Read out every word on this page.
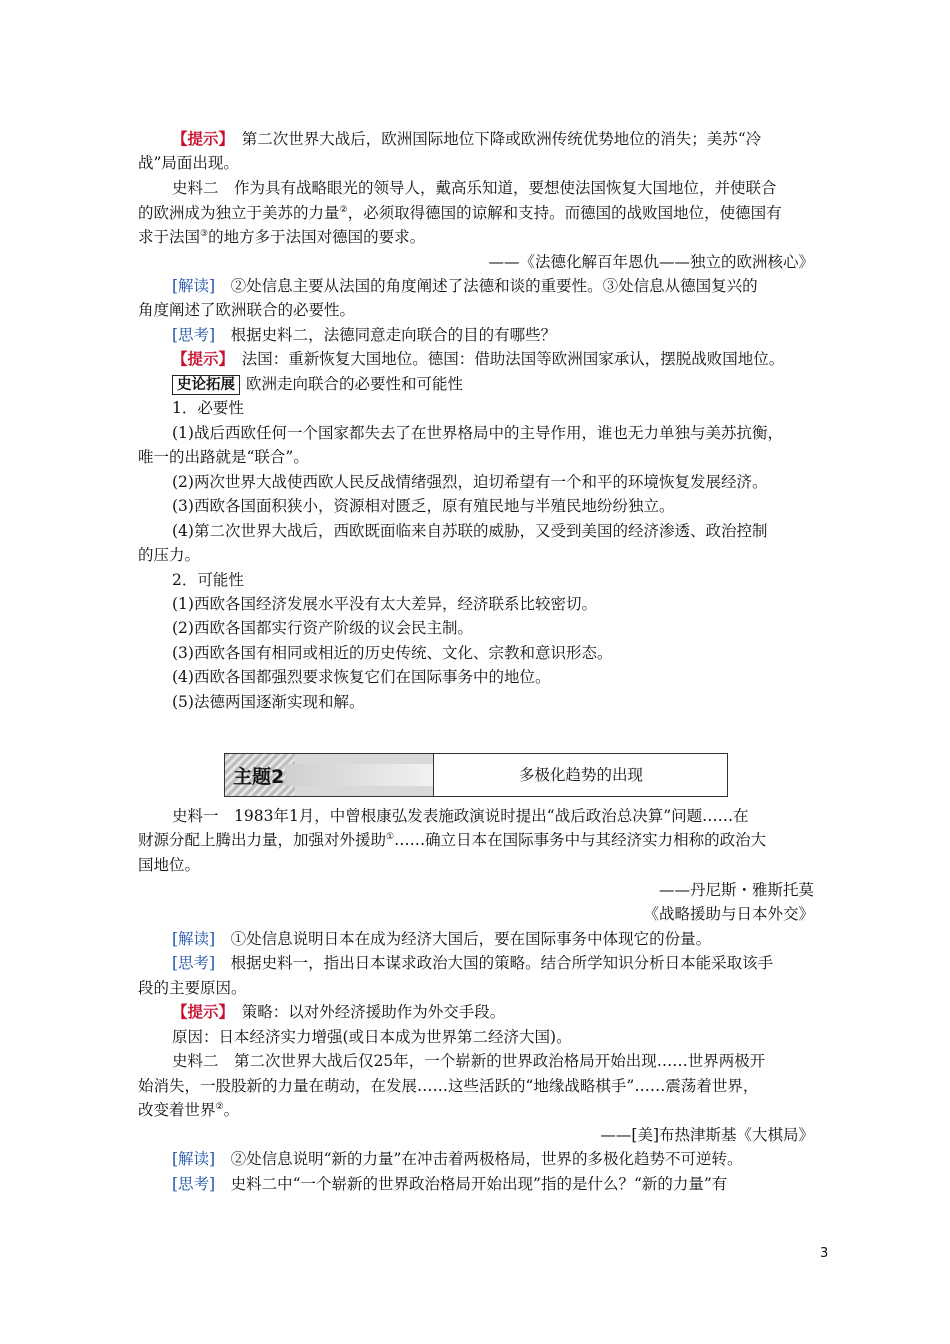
【提示】　第二次世界大战后，欧洲国际地位下降或欧洲传统优势地位的消失；美苏“冷
战”局面出现。
史料二　作为具有战略眼光的领导人，戴高乐知道，要想使法国恢复大国地位，并使联合
的欧洲成为独立于美苏的力量②，必须取得德国的谅解和支持。而德国的战败国地位，使德国有
求于法国③的地方多于法国对德国的要求。
——《法德化解百年恩仇——独立的欧洲核心》
[解读]　②处信息主要从法国的角度阐述了法德和谈的重要性。③处信息从德国复兴的
角度阐述了欧洲联合的必要性。
[思考]　根据史料二，法德同意走向联合的目的有哪些？
【提示】　法国：重新恢复大国地位。德国：借助法国等欧洲国家承认，摆脱战败国地位。
史论拓展 欧洲走向联合的必要性和可能性
1．必要性
(1)战后西欧任何一个国家都失去了在世界格局中的主导作用，谁也无力单独与美苏抗衡，
唯一的出路就是“联合”。
(2)两次世界大战使西欧人民反战情绪强烈，迫切希望有一个和平的环境恢复发展经济。
(3)西欧各国面积狭小，资源相对匮乏，原有殖民地与半殖民地纷纷独立。
(4)第二次世界大战后，西欧既面临来自苏联的威胁，又受到美国的经济渗透、政治控制
的压力。
2．可能性
(1)西欧各国经济发展水平没有太大差异，经济联系比较密切。
(2)西欧各国都实行资产阶级的议会民主制。
(3)西欧各国有相同或相近的历史传统、文化、宗教和意识形态。
(4)西欧各国都强烈要求恢复它们在国际事务中的地位。
(5)法德两国逐渐实现和解。
史料一　1983年1月，中曾根康弘发表施政演说时提出“战后政治总决算”问题……在
财源分配上腾出力量，加强对外援助①……确立日本在国际事务中与其经济实力相称的政治大
国地位。
——丹尼斯・雅斯托莫
《战略援助与日本外交》
[解读]　①处信息说明日本在成为经济大国后，要在国际事务中体现它的份量。
[思考]　根据史料一，指出日本谋求政治大国的策略。结合所学知识分析日本能采取该手
段的主要原因。
【提示】　策略：以对外经济援助作为外交手段。
原因：日本经济实力增强(或日本成为世界第二经济大国)。
史料二　第二次世界大战后仅25年，一个崭新的世界政治格局开始出现……世界两极开
始消失，一股股新的力量在萌动，在发展……这些活跃的“地缘战略棋手”……震荡着世界，
改变着世界②。
——[美]布热津斯基《大棋局》
[解读]　②处信息说明“新的力量”在冲击着两极格局，世界的多极化趋势不可逆转。
[思考]　史料二中“一个崭新的世界政治格局开始出现”指的是什么？“新的力量”有
主题2	多极化趋势的出现
3
